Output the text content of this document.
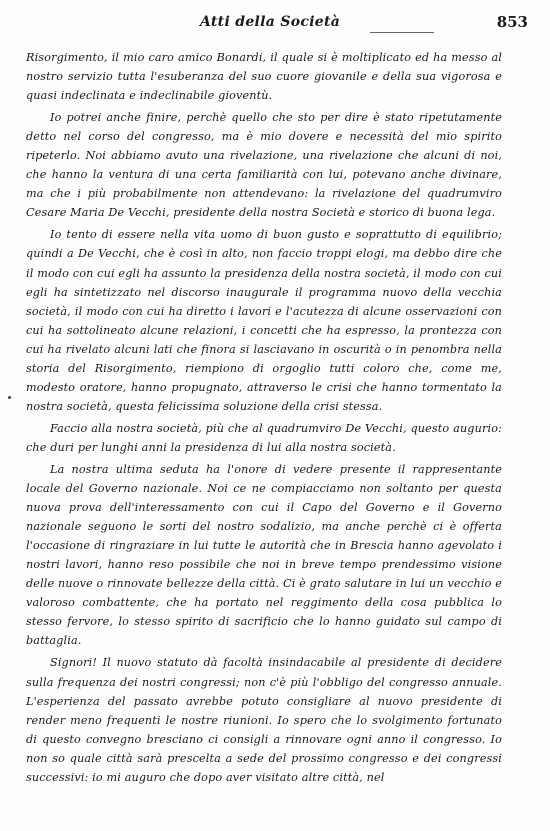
Atti della Società	853

Risorgimento, il mio caro amico Bonardi, il quale si è moltiplicato ed ha messo al nostro servizio tutta l'esuberanza del suo cuore giovanile e della sua vigorosa e quasi indeclinata e indeclinabile gioventù.

Io potrei anche finire, perchè quello che sto per dire è stato ripetutamente detto nel corso del congresso, ma è mio dovere e necessità del mio spirito ripeterlo. Noi abbiamo avuto una rivelazione, una rivelazione che alcuni di noi, che hanno la ventura di una certa familiarità con lui, potevano anche divinare, ma che i più probabilmente non attendevano: la rivelazione del quadrumviro Cesare Maria De Vecchi, presidente della nostra Società e storico di buona lega.

Io tento di essere nella vita uomo di buon gusto e soprattutto di equilibrio; quindi a De Vecchi, che è così in alto, non faccio troppi elogi, ma debbo dire che il modo con cui egli ha assunto la presidenza della nostra società, il modo con cui egli ha sintetizzato nel discorso inaugurale il programma nuovo della vecchia società, il modo con cui ha diretto i lavori e l'acutezza di alcune osservazioni con cui ha sottolineato alcune relazioni, i concetti che ha espresso, la prontezza con cui ha rivelato alcuni lati che finora si lasciavano in oscurità o in penombra nella storia del Risorgimento, riempiono di orgoglio tutti coloro che, come me, modesto oratore, hanno propugnato, attraverso le crisi che hanno tormentato la nostra società, questa felicissima soluzione della crisi stessa.

Faccio alla nostra società, più che al quadrumviro De Vecchi, questo augurio: che duri per lunghi anni la presidenza di lui alla nostra società.

La nostra ultima seduta ha l'onore di vedere presente il rappresentante locale del Governo nazionale. Noi ce ne compiacciamo non soltanto per questa nuova prova dell'interessamento con cui il Capo del Governo e il Governo nazionale seguono le sorti del nostro sodalizio, ma anche perchè ci è offerta l'occasione di ringraziare in lui tutte le autorità che in Brescia hanno agevolato i nostri lavori, hanno reso possibile che noi in breve tempo prendessimo visione delle nuove o rinnovate bellezze della città. Ci è grato salutare in lui un vecchio e valoroso combattente, che ha portato nel reggimento della cosa pubblica lo stesso fervore, lo stesso spirito di sacrificio che lo hanno guidato sul campo di battaglia.

Signori! Il nuovo statuto dà facoltà insindacabile al presidente di decidere sulla frequenza dei nostri congressi; non c'è più l'obbligo del congresso annuale. L'esperienza del passato avrebbe potuto consigliare al nuovo presidente di render meno frequenti le nostre riunioni. Io spero che lo svolgimento fortunato di questo convegno bresciano ci consigli a rinnovare ogni anno il congresso. Io non so quale città sarà prescelta a sede del prossimo congresso e dei congressi successivi: io mi auguro che dopo aver visitato altre città, nel
